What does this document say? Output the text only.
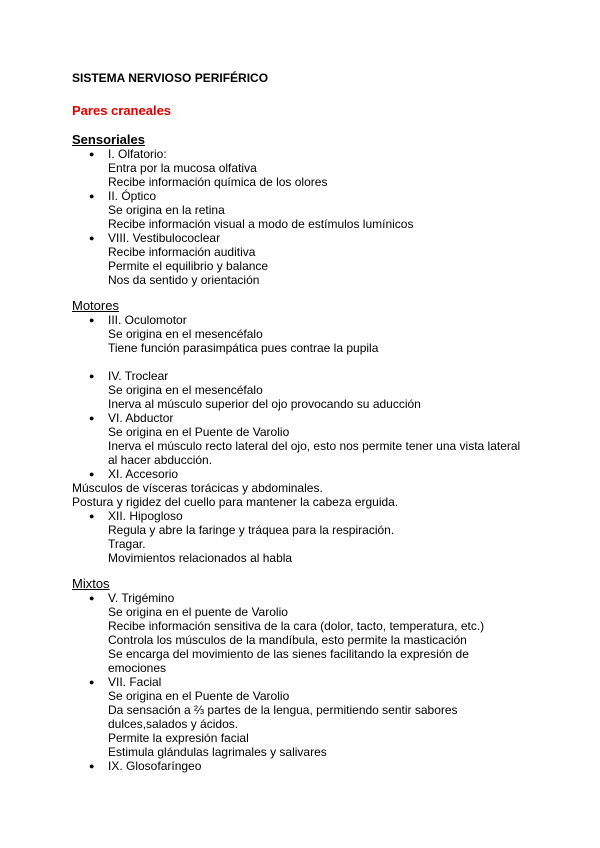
SISTEMA NERVIOSO PERIFÉRICO
Pares craneales
Sensoriales
● I. Olfatorio:
Entra por la mucosa olfativa
Recibe información química de los olores
● II. Óptico
Se origina en la retina
Recibe información visual a modo de estímulos lumínicos
● VIII. Vestibulococlear
Recibe información auditiva
Permite el equilibrio y balance
Nos da sentido y orientación
Motores
● III. Oculomotor
Se origina en el mesencéfalo
Tiene función parasimpática pues contrae la pupila
● IV. Troclear
Se origina en el mesencéfalo
Inerva al músculo superior del ojo provocando su aducción
● VI. Abductor
Se origina en el Puente de Varolio
Inerva el músculo recto lateral del ojo, esto nos permite tener una vista lateral
al hacer abducción.
● XI. Accesorio
Músculos de vísceras torácicas y abdominales.
Postura y rigidez del cuello para mantener la cabeza erguida.
● XII. Hipogloso
Regula y abre la faringe y tráquea para la respiración.
Tragar.
Movimientos relacionados al habla
Mixtos
● V. Trigémino
Se origina en el puente de Varolio
Recibe información sensitiva de la cara (dolor, tacto, temperatura, etc.)
Controla los músculos de la mandíbula, esto permite la masticación
Se encarga del movimiento de las sienes facilitando la expresión de
emociones
● VII. Facial
Se origina en el Puente de Varolio
Da sensación a ⅔ partes de la lengua, permitiendo sentir sabores
dulces,salados y ácidos.
Permite la expresión facial
Estimula glándulas lagrimales y salivares
● IX. Glosofaríngeo
